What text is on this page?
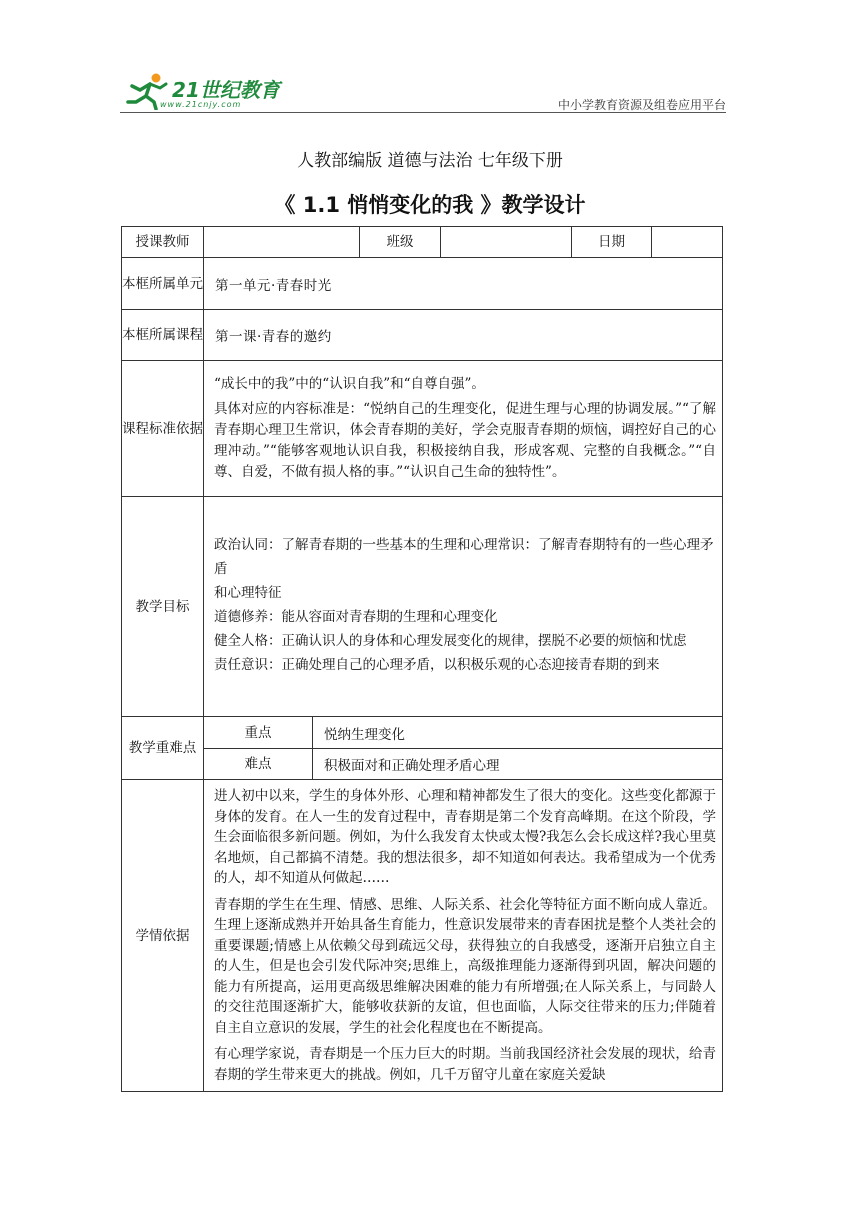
21世纪教育
www.21cnjy.com	中小学教育资源及组卷应用平台
人教部编版 道德与法治 七年级下册
《 1.1 悄悄变化的我 》教学设计
授课教师			班级		日期	
本框所属单元	第一单元·青春时光					
本框所属课程	第一课·青春的邀约					
课程标准依据	“成长中的我”中的“认识自我”和“自尊自强”。

具体对应的内容标准是：“悦纳自己的生理变化，促进生理与心理的协调发展。”“了解青春期心理卫生常识，体会青春期的美好，学会克服青春期的烦恼，调控好自己的心理冲动。”“能够客观地认识自我，积极接纳自我，形成客观、完整的自我概念。”“自尊、自爱，不做有损人格的事。”“认识自己生命的独特性”。					

教学目标	政治认同：了解青春期的一些基本的生理和心理常识：了解青春期特有的一些心理矛盾

和心理特征

道德修养：能从容面对青春期的生理和心理变化

健全人格：正确认识人的身体和心理发展变化的规律，摆脱不必要的烦恼和忧虑

责任意识：正确处理自己的心理矛盾，以积极乐观的心态迎接青春期的到来					

教学重难点	重点	悦纳生理变化				
	难点	积极面对和正确处理矛盾心理				
学情依据	进人初中以来，学生的身体外形、心理和精神都发生了很大的变化。这些变化都源于身体的发育。在人一生的发育过程中，青春期是第二个发育高峰期。在这个阶段，学生会面临很多新问题。例如，为什么我发育太快或太慢?我怎么会长成这样?我心里莫名地烦，自己都搞不清楚。我的想法很多，却不知道如何表达。我希望成为一个优秀的人，却不知道从何做起……

青春期的学生在生理、情感、思维、人际关系、社会化等特征方面不断向成人靠近。生理上逐渐成熟并开始具备生育能力，性意识发展带来的青春困扰是整个人类社会的重要课题;情感上从依赖父母到疏远父母，获得独立的自我感受，逐渐开启独立自主的人生，但是也会引发代际冲突;思维上，高级推理能力逐渐得到巩固，解决问题的能力有所提高，运用更高级思维解决困难的能力有所增强;在人际关系上，与同龄人的交往范围逐渐扩大，能够收获新的友谊，但也面临，人际交往带来的压力;伴随着自主自立意识的发展，学生的社会化程度也在不断提高。

有心理学家说，青春期是一个压力巨大的时期。当前我国经济社会发展的现状，给青春期的学生带来更大的挑战。例如，几千万留守儿童在家庭关爱缺					
